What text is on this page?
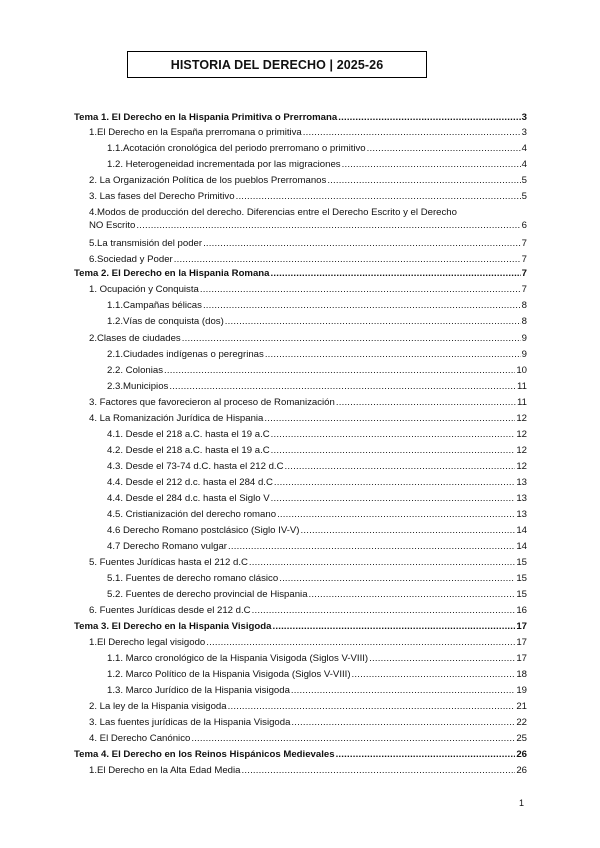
HISTORIA DEL DERECHO | 2025-26
Tema 1. El Derecho en la Hispania Primitiva o Prerromana .....	3
1.El Derecho en la España prerromana o primitiva .....	3
1.1.Acotación cronológica del periodo prerromano o primitivo .....	4
1.2. Heterogeneidad incrementada por las migraciones .....	4
2. La Organización Política de los pueblos Prerromanos .....	5
3. Las fases del Derecho Primitivo .....	5
4.Modos de producción del derecho. Diferencias entre el Derecho Escrito y el Derecho
NO Escrito .....	6
5.La transmisión del poder .....	7
6.Sociedad y Poder .....	7
Tema 2. El Derecho en la Hispania Romana .....	7
1. Ocupación y Conquista .....	7
1.1.Campañas bélicas .....	8
1.2.Vías de conquista (dos) .....	8
2.Clases de ciudades .....	9
2.1.Ciudades indígenas o peregrinas .....	9
2.2. Colonias .....	10
2.3.Municipios .....	11
3. Factores que favorecieron al proceso de Romanización .....	11
4. La Romanización Jurídica de Hispania .....	12
4.1. Desde el 218 a.C. hasta el 19 a.C .....	12
4.2. Desde el 218 a.C. hasta el 19 a.C .....	12
4.3. Desde el 73-74 d.C. hasta el 212 d.C .....	12
4.4. Desde el 212 d.c. hasta el 284 d.C .....	13
4.4. Desde el 284 d.c. hasta el Siglo V .....	13
4.5. Cristianización del derecho romano .....	13
4.6 Derecho Romano postclásico (Siglo IV-V) .....	14
4.7 Derecho Romano vulgar .....	14
5. Fuentes Jurídicas hasta el 212 d.C .....	15
5.1. Fuentes de derecho romano clásico .....	15
5.2. Fuentes de derecho provincial de Hispania .....	15
6. Fuentes Jurídicas desde el 212 d.C .....	16
Tema 3. El Derecho en la Hispania Visigoda .....	17
1.El Derecho legal visigodo .....	17
1.1. Marco cronológico de la Hispania Visigoda (Siglos V-VIII) .....	17
1.2. Marco Político de la Hispania Visigoda (Siglos V-VIII) .....	18
1.3. Marco Jurídico de la Hispania visigoda .....	19
2. La ley de la Hispania visigoda .....	21
3. Las fuentes jurídicas de la Hispania Visigoda .....	22
4. El Derecho Canónico .....	25
Tema 4. El Derecho en los Reinos Hispánicos Medievales .....	26
1.El Derecho en la Alta Edad Media .....	26
1
